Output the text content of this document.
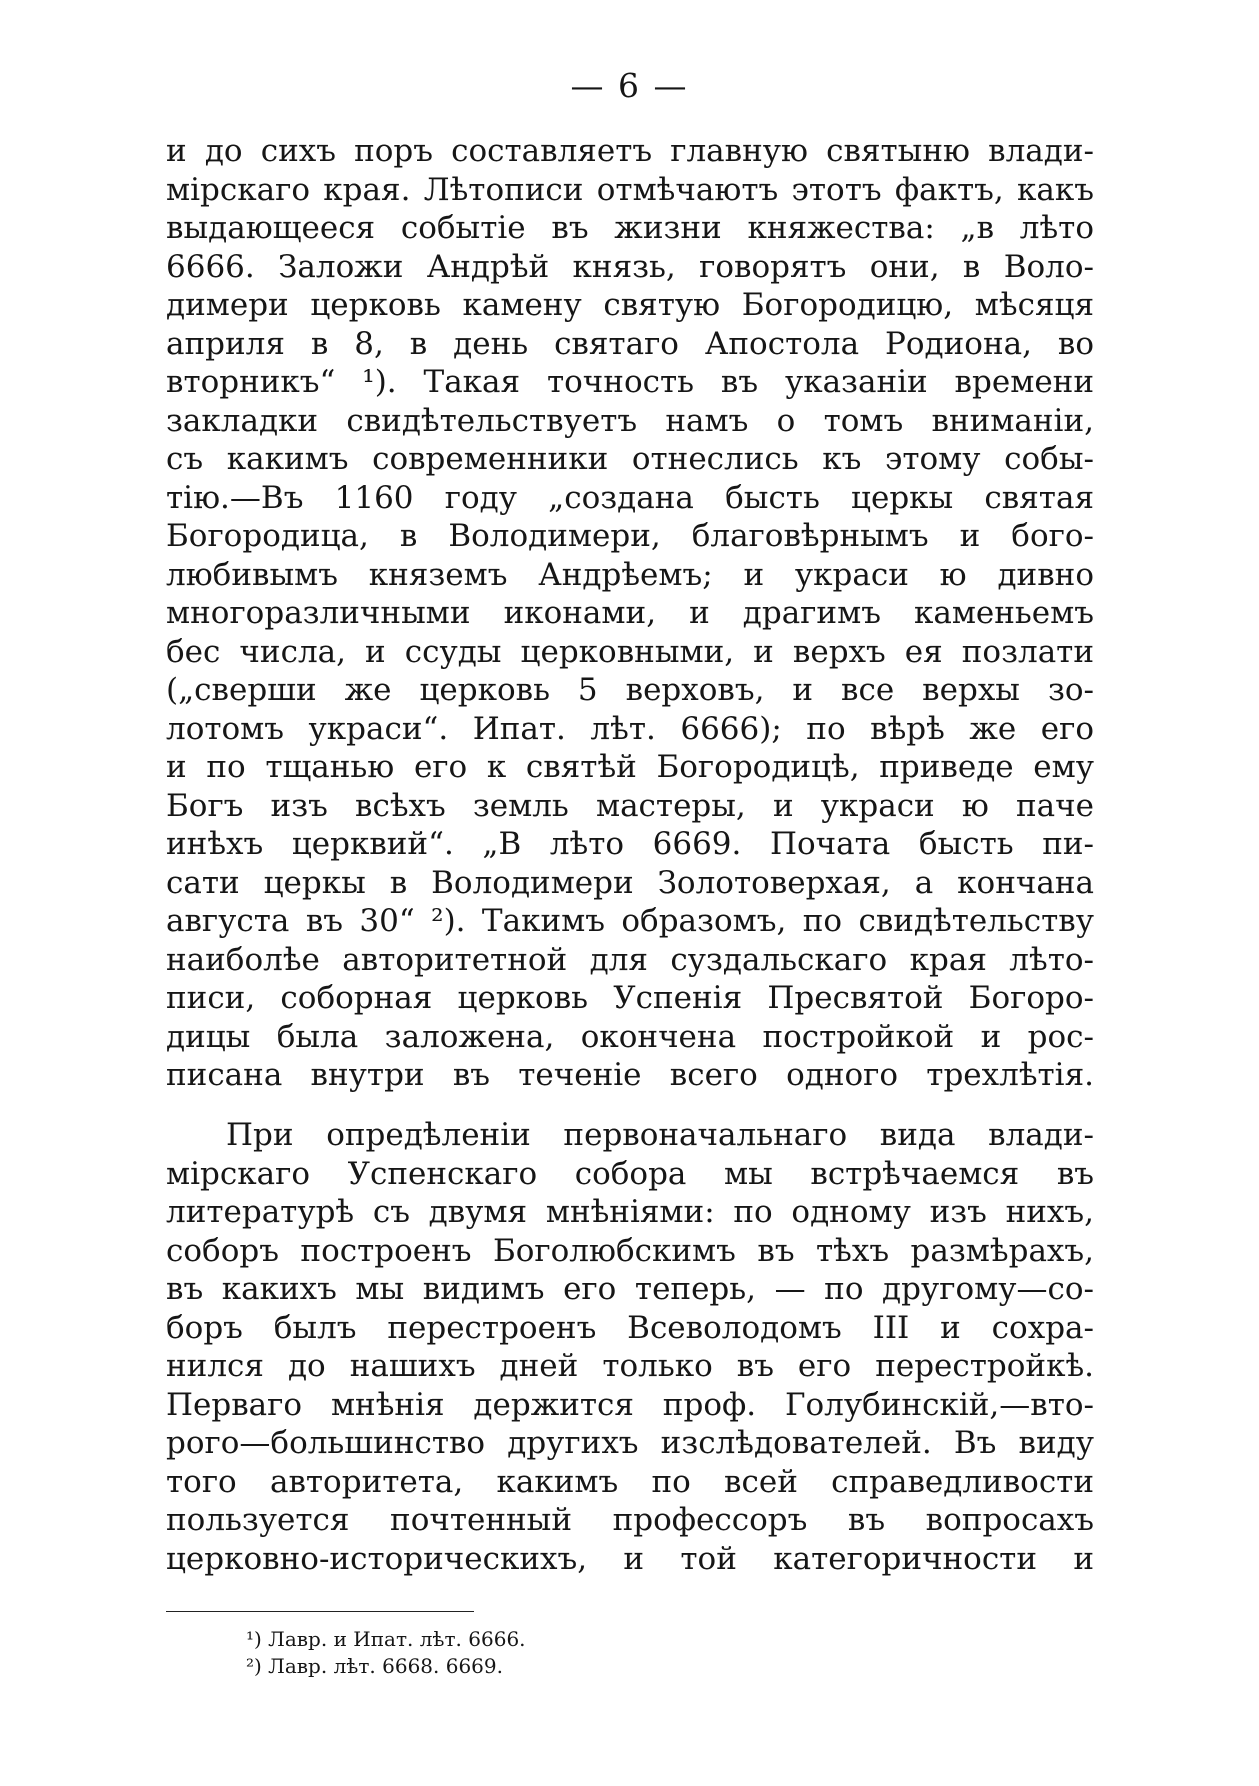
— 6 —
и до сихъ поръ составляетъ главную святыню влади-
мірскаго края. Лѣтописи отмѣчаютъ этотъ фактъ, какъ
выдающееся событіе въ жизни княжества: „в лѣто
6666. Заложи Андрѣй князь, говорятъ они, в Воло-
димери церковь камену святую Богородицю, мѣсяця
априля в 8, в день святаго Апостола Родиона, во
вторникъ“ ¹). Такая точность въ указаніи времени
закладки свидѣтельствуетъ намъ о томъ вниманіи,
съ какимъ современники отнеслись къ этому собы-
тію.—Въ 1160 году „создана бысть церкы святая
Богородица, в Володимери, благовѣрнымъ и бого-
любивымъ княземъ Андрѣемъ; и украси ю дивно
многоразличными иконами, и драгимъ каменьемъ
бес числа, и ссуды церковными, и верхъ ея позлати
(„сверши же церковь 5 верховъ, и все верхы зо-
лотомъ украси“. Ипат. лѣт. 6666); по вѣрѣ же его
и по тщанью его к святѣй Богородицѣ, приведе ему
Богъ изъ всѣхъ земль мастеры, и украси ю паче
инѣхъ церквий“. „В лѣто 6669. Почата бысть пи-
сати церкы в Володимери Золотоверхая, а кончана
августа въ 30“ ²). Такимъ образомъ, по свидѣтельству
наиболѣе авторитетной для суздальскаго края лѣто-
писи, соборная церковь Успенія Пресвятой Богоро-
дицы была заложена, окончена постройкой и рос-
писана внутри въ теченіе всего одного трехлѣтія.
При опредѣленіи первоначальнаго вида влади-
мірскаго Успенскаго собора мы встрѣчаемся въ
литературѣ съ двумя мнѣніями: по одному изъ нихъ,
соборъ построенъ Боголюбскимъ въ тѣхъ размѣрахъ,
въ какихъ мы видимъ его теперь, — по другому—со-
боръ былъ перестроенъ Всеволодомъ III и сохра-
нился до нашихъ дней только въ его перестройкѣ.
Перваго мнѣнія держится проф. Голубинскій,—вто-
рого—большинство другихъ изслѣдователей. Въ виду
того авторитета, какимъ по всей справедливости
пользуется почтенный профессоръ въ вопросахъ
церковно-историческихъ, и той категоричности и
¹) Лавр. и Ипат. лѣт. 6666.
²) Лавр. лѣт. 6668. 6669.
